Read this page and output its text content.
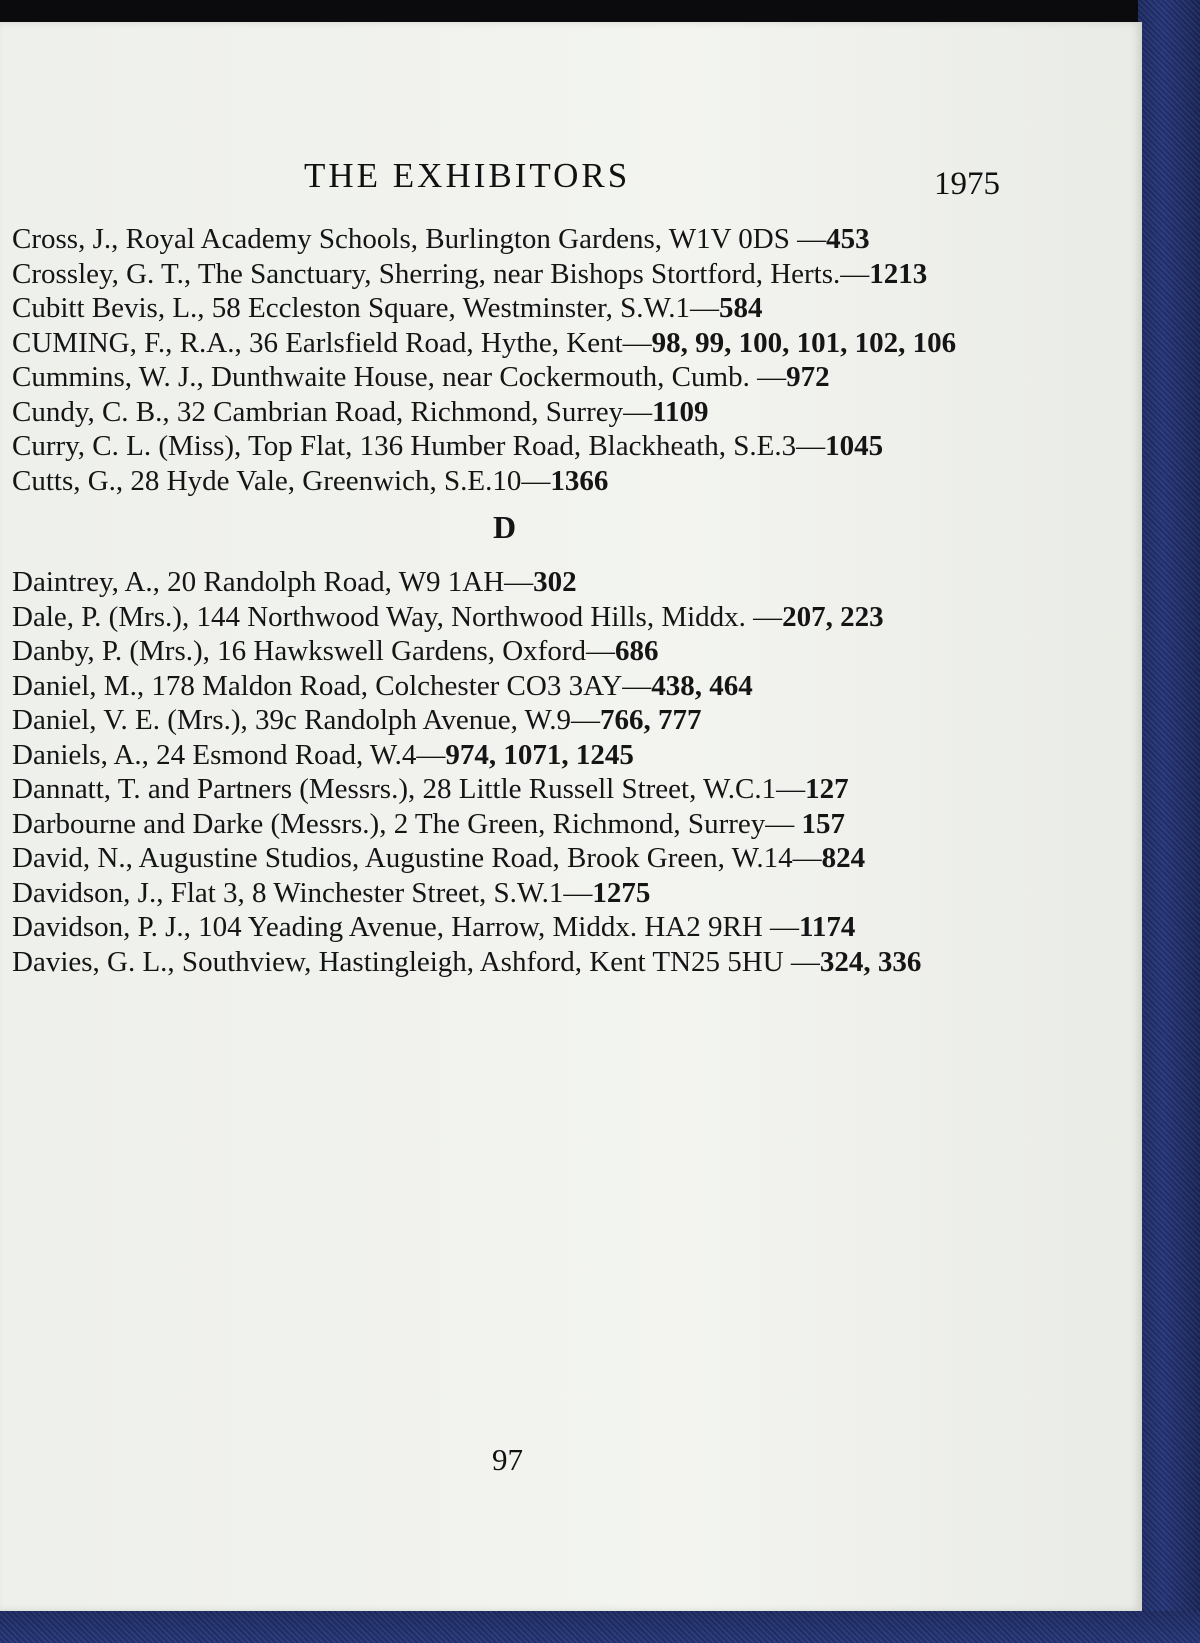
THE EXHIBITORS	1975

Cross, J., Royal Academy Schools, Burlington Gardens, W1V 0DS —453

Crossley, G. T., The Sanctuary, Sherring, near Bishops Stortford, Herts.—1213

Cubitt Bevis, L., 58 Eccleston Square, Westminster, S.W.1—584

CUMING, F., R.A., 36 Earlsfield Road, Hythe, Kent—98, 99, 100, 101, 102, 106

Cummins, W. J., Dunthwaite House, near Cockermouth, Cumb. —972

Cundy, C. B., 32 Cambrian Road, Richmond, Surrey—1109

Curry, C. L. (Miss), Top Flat, 136 Humber Road, Blackheath, S.E.3—1045

Cutts, G., 28 Hyde Vale, Greenwich, S.E.10—1366

D

Daintrey, A., 20 Randolph Road, W9 1AH—302

Dale, P. (Mrs.), 144 Northwood Way, Northwood Hills, Middx. —207, 223

Danby, P. (Mrs.), 16 Hawkswell Gardens, Oxford—686

Daniel, M., 178 Maldon Road, Colchester CO3 3AY—438, 464

Daniel, V. E. (Mrs.), 39c Randolph Avenue, W.9—766, 777

Daniels, A., 24 Esmond Road, W.4—974, 1071, 1245

Dannatt, T. and Partners (Messrs.), 28 Little Russell Street, W.C.1—127

Darbourne and Darke (Messrs.), 2 The Green, Richmond, Surrey— 157

David, N., Augustine Studios, Augustine Road, Brook Green, W.14—824

Davidson, J., Flat 3, 8 Winchester Street, S.W.1—1275

Davidson, P. J., 104 Yeading Avenue, Harrow, Middx. HA2 9RH —1174

Davies, G. L., Southview, Hastingleigh, Ashford, Kent TN25 5HU —324, 336

97
